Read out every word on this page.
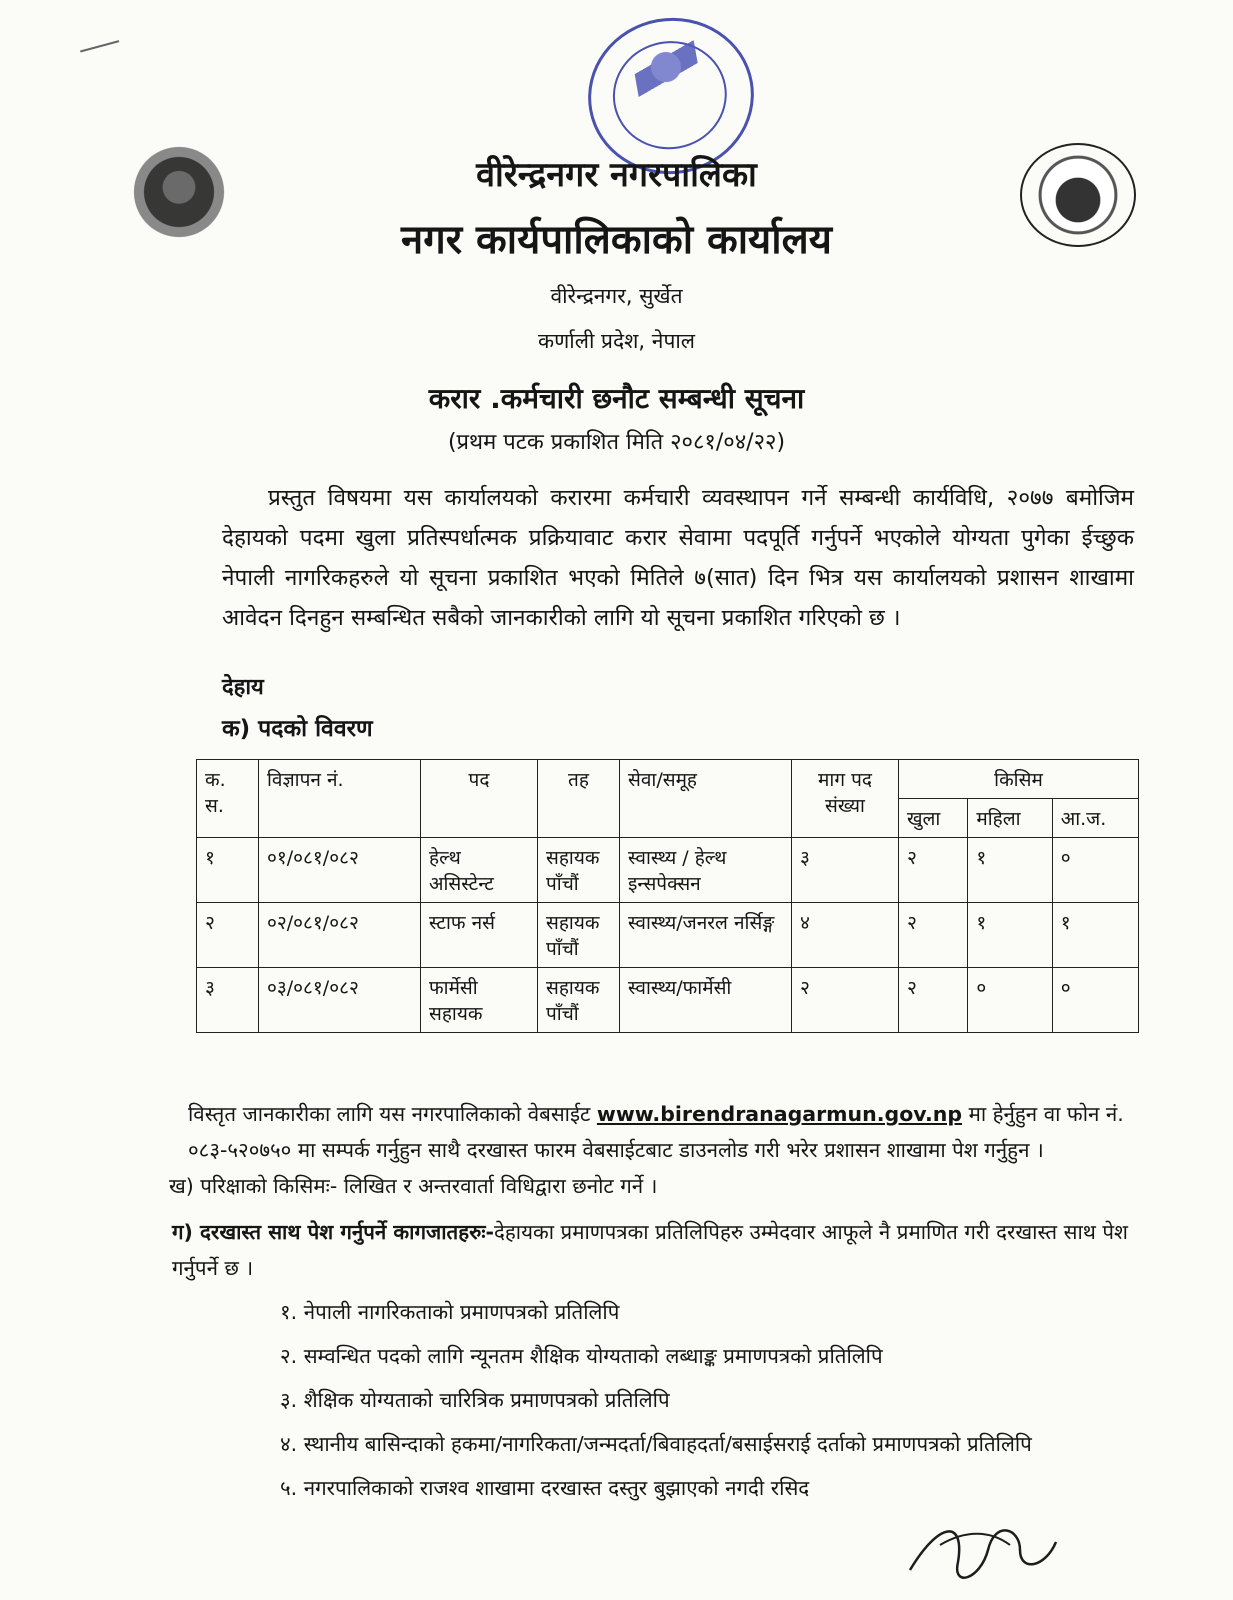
वीरेन्द्रनगर नगरपालिका
नगर कार्यपालिकाको कार्यालय
वीरेन्द्रनगर, सुर्खेत
कर्णाली प्रदेश, नेपाल
करार .कर्मचारी छनौट सम्बन्धी सूचना
(प्रथम पटक प्रकाशित मिति २०८१/०४/२२)
प्रस्तुत विषयमा यस कार्यालयको करारमा कर्मचारी व्यवस्थापन गर्ने सम्बन्धी कार्यविधि, २०७७ बमोजिम देहायको पदमा खुला प्रतिस्पर्धात्मक प्रक्रियावाट करार सेवामा पदपूर्ति गर्नुपर्ने भएकोले योग्यता पुगेका ईच्छुक नेपाली नागरिकहरुले यो सूचना प्रकाशित भएको मितिले ७(सात) दिन भित्र यस कार्यालयको प्रशासन शाखामा आवेदन दिनहुन सम्बन्धित सबैको जानकारीको लागि यो सूचना प्रकाशित गरिएको छ ।
देहाय
क) पदको विवरण
क. स.	विज्ञापन नं.	पद	तह	सेवा/समूह	माग पद संख्या	किसिम		
						खुला	महिला	आ.ज.
१	०१/०८१/०८२	हेल्थ असिस्टेन्ट	सहायक पाँचौं	स्वास्थ्य / हेल्थ इन्सपेक्सन	३	२	१	०
२	०२/०८१/०८२	स्टाफ नर्स	सहायक पाँचौं	स्वास्थ्य/जनरल नर्सिङ्ग	४	२	१	१
३	०३/०८१/०८२	फार्मेसी सहायक	सहायक पाँचौं	स्वास्थ्य/फार्मेसी	२	२	०	०
विस्तृत जानकारीका लागि यस नगरपालिकाको वेबसाईट www.birendranagarmun.gov.np मा हेर्नुहुन वा फोन नं. ०८३-५२०७५० मा सम्पर्क गर्नुहुन साथै दरखास्त फारम वेबसाईटबाट डाउनलोड गरी भरेर प्रशासन शाखामा पेश गर्नुहुन ।
ख) परिक्षाको किसिमः- लिखित र अन्तरवार्ता विधिद्वारा छनोट गर्ने ।
ग) दरखास्त साथ पेश गर्नुपर्ने कागजातहरुः-देहायका प्रमाणपत्रका प्रतिलिपिहरु उम्मेदवार आफूले नै प्रमाणित गरी दरखास्त साथ पेश गर्नुपर्ने छ ।
१. नेपाली नागरिकताको प्रमाणपत्रको प्रतिलिपि
२. सम्वन्धित पदको लागि न्यूनतम शैक्षिक योग्यताको लब्धाङ्क प्रमाणपत्रको प्रतिलिपि
३. शैक्षिक योग्यताको चारित्रिक प्रमाणपत्रको प्रतिलिपि
४. स्थानीय बासिन्दाको हकमा/नागरिकता/जन्मदर्ता/बिवाहदर्ता/बसाईसराई दर्ताको प्रमाणपत्रको प्रतिलिपि
५. नगरपालिकाको राजश्व शाखामा दरखास्त दस्तुर बुझाएको नगदी रसिद
